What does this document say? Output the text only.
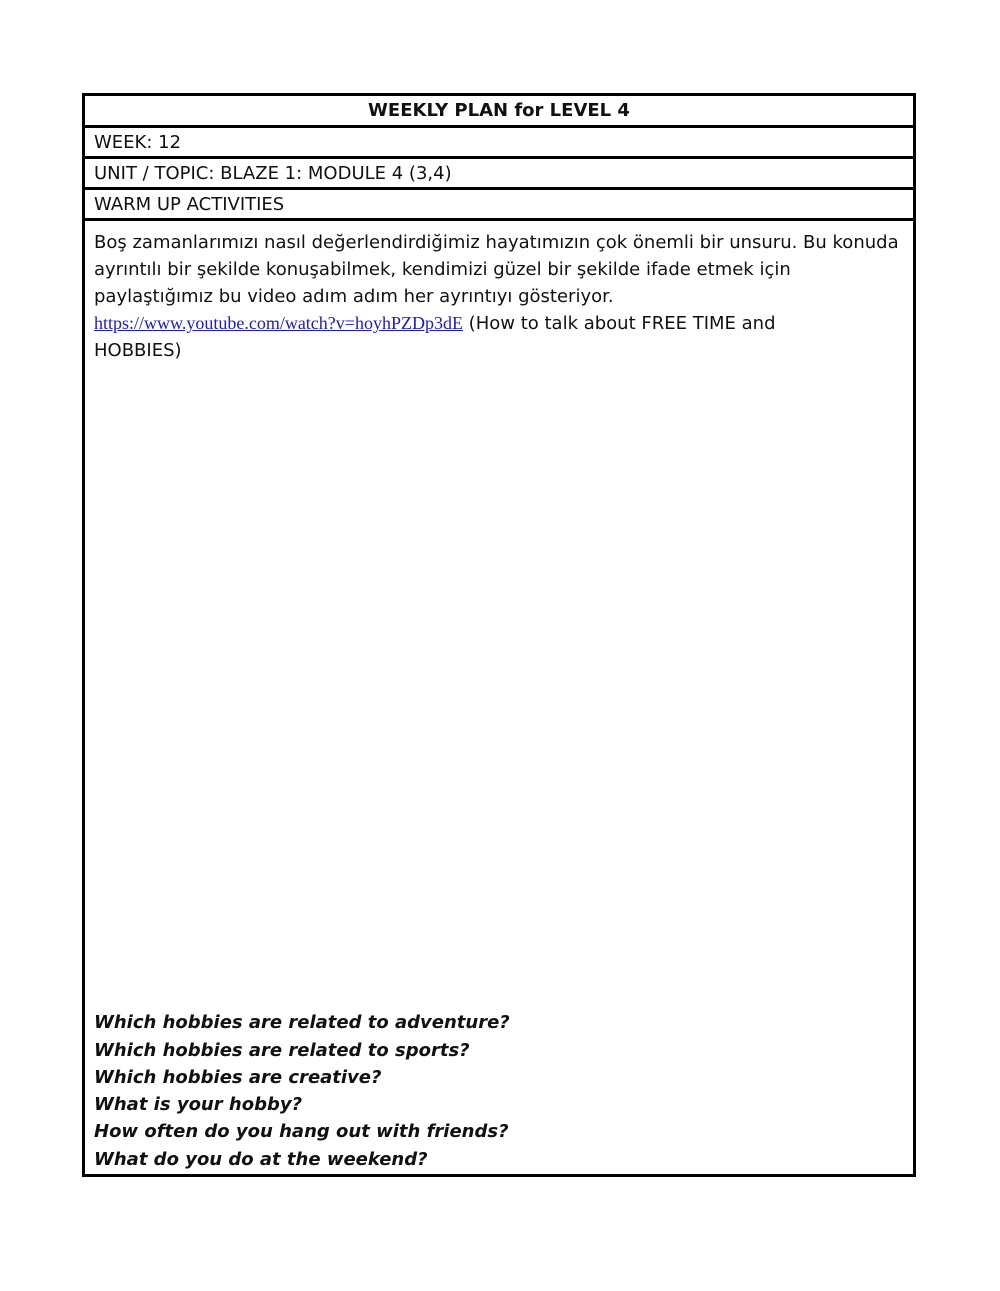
WEEKLY PLAN for LEVEL 4
WEEK: 12
UNIT / TOPIC: BLAZE 1: MODULE 4 (3,4)
WARM UP ACTIVITIES

Boş zamanlarımızı nasıl değerlendirdiğimiz hayatımızın çok önemli bir unsuru. Bu konuda
ayrıntılı bir şekilde konuşabilmek, kendimizi güzel bir şekilde ifade etmek için
paylaştığımız bu video adım adım her ayrıntıyı gösteriyor.
https://www.youtube.com/watch?v=hoyhPZDp3dE (How to talk about FREE TIME and
HOBBIES)

Which hobbies are related to adventure?
Which hobbies are related to sports?
Which hobbies are creative?
What is your hobby?
How often do you hang out with friends?
What do you do at the weekend?
